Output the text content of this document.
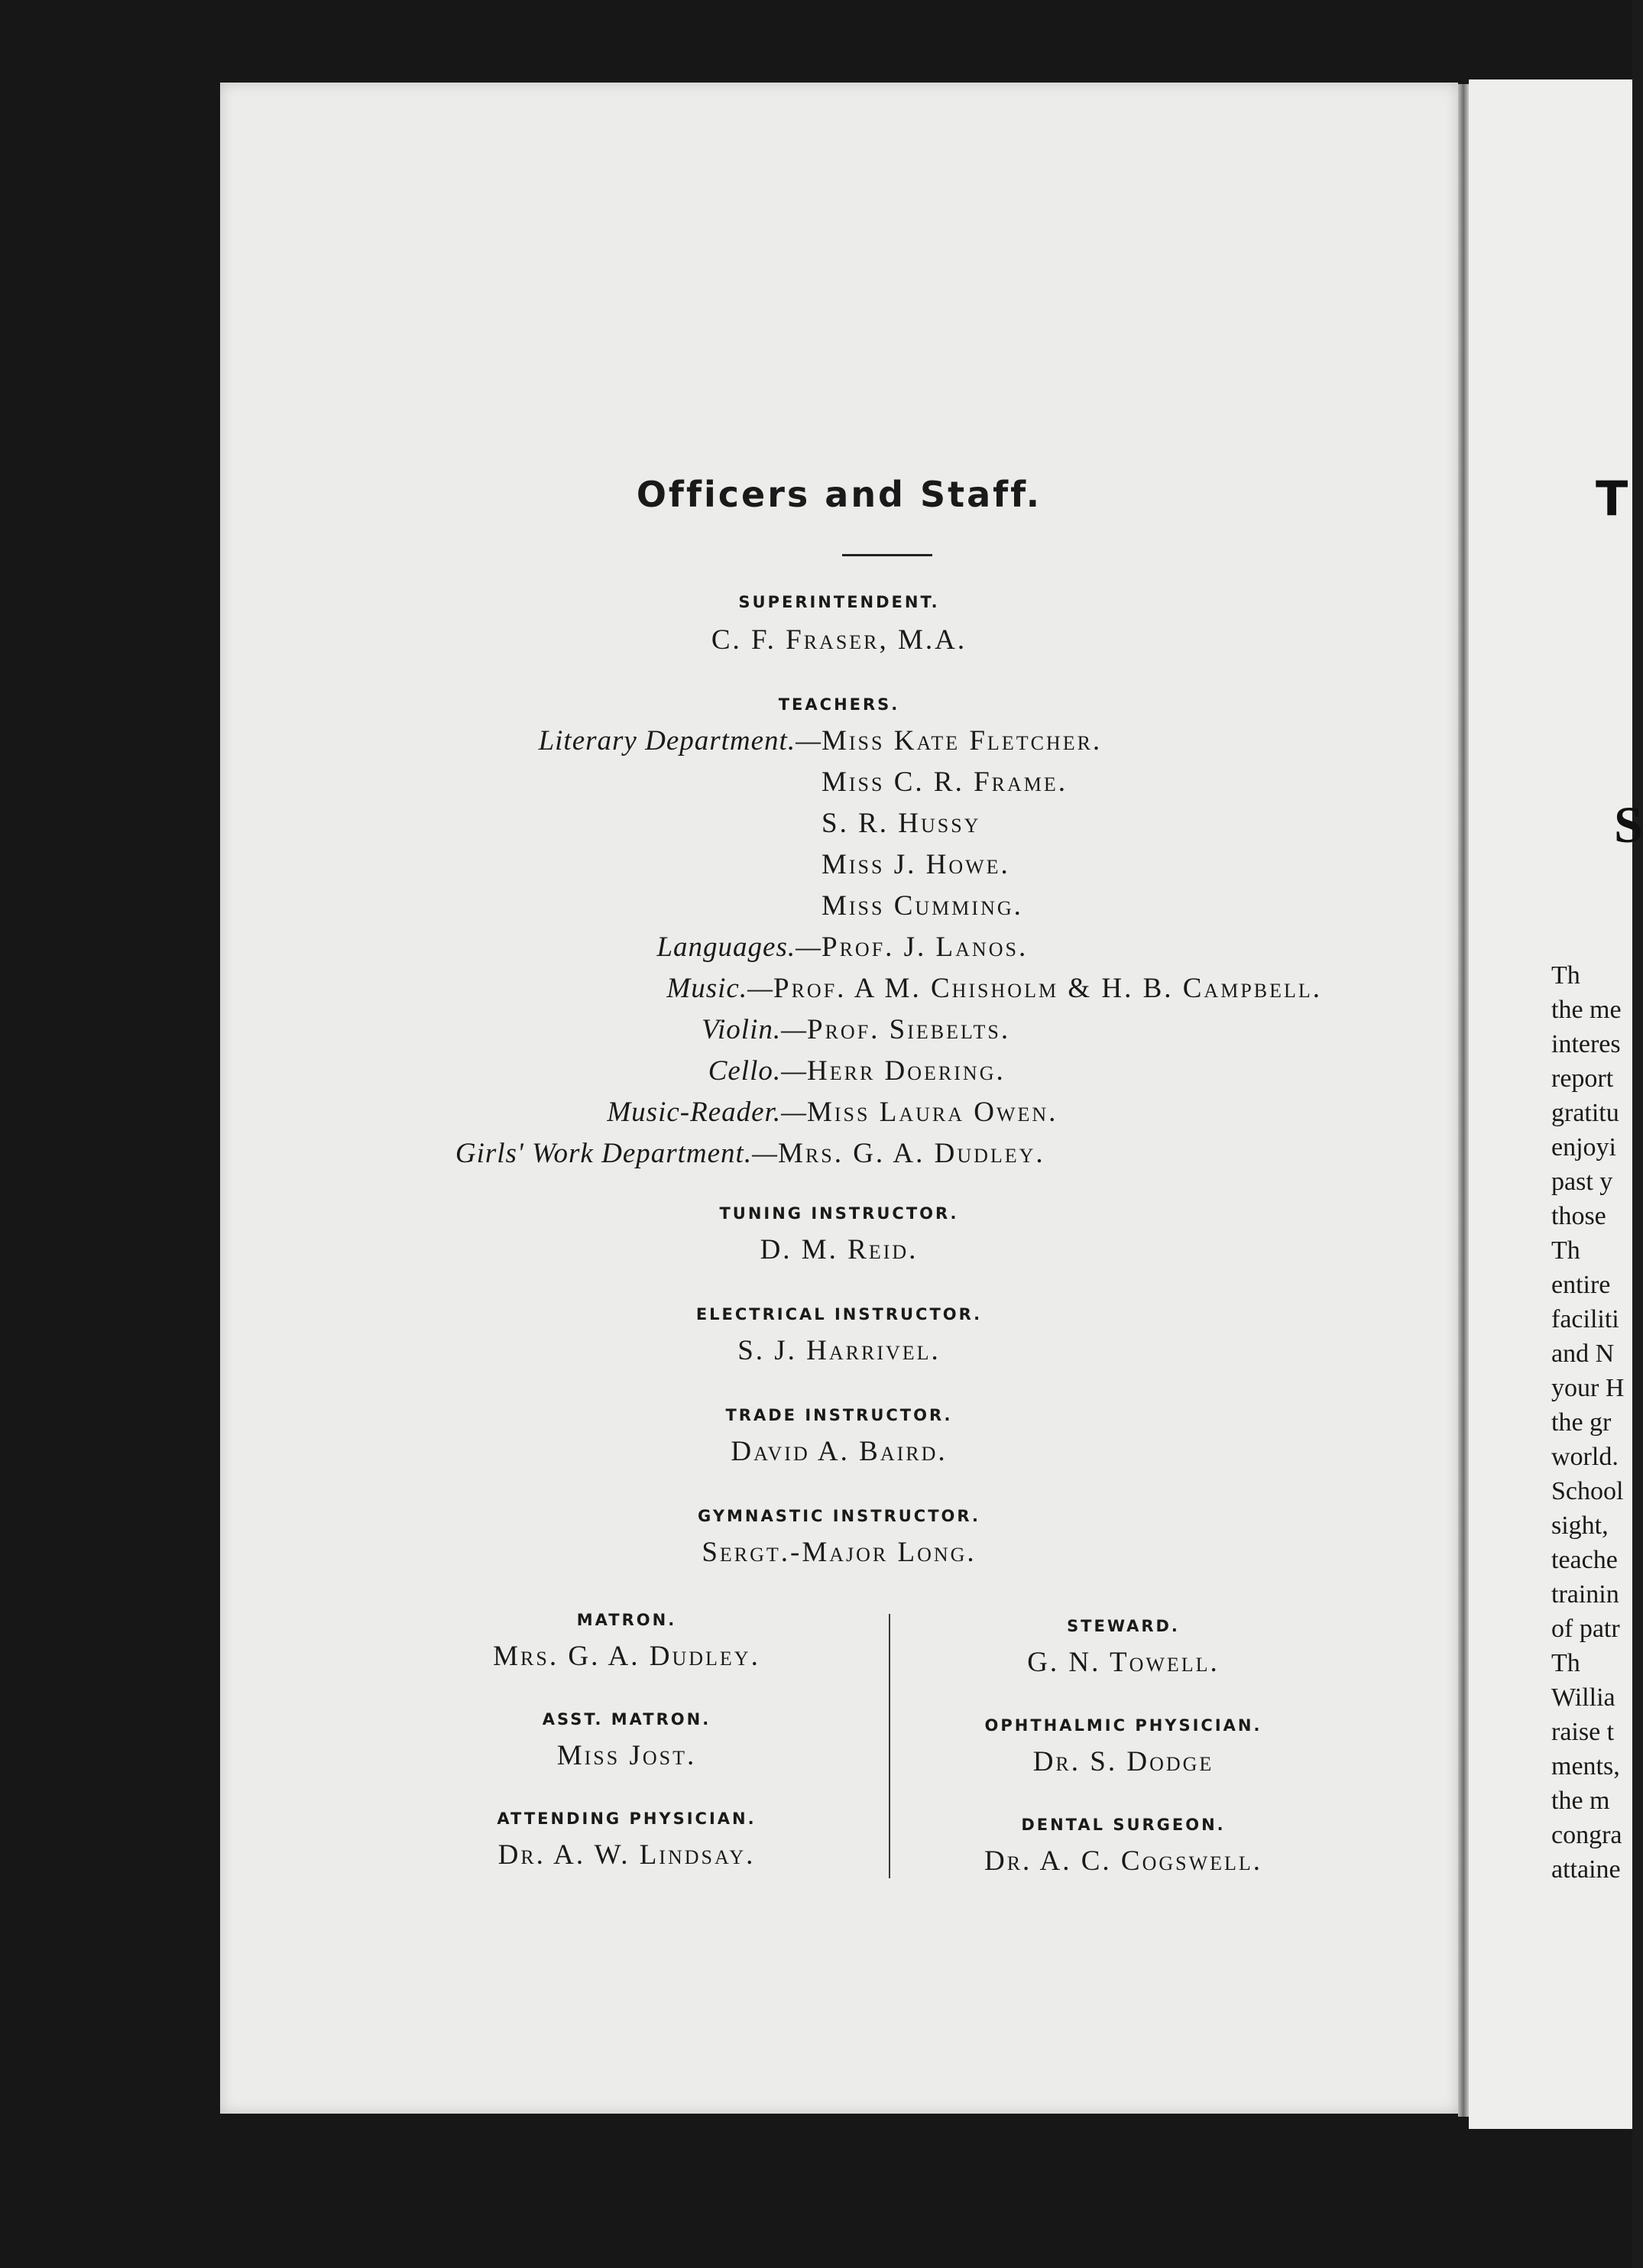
Officers and Staff.
SUPERINTENDENT.
C. F. Fraser, M.A.
TEACHERS.
Literary Department.— Miss Kate Fletcher.
Miss C. R. Frame.
S. R. Hussy
Miss J. Howe.
Miss Cumming.
Languages.— Prof. J. Lanos.
Music.— Prof. A M. Chisholm & H. B. Campbell.
Violin.— Prof. Siebelts.
Cello.— Herr Doering.
Music-Reader.— Miss Laura Owen.
Girls' Work Department.— Mrs. G. A. Dudley.
TUNING INSTRUCTOR.
D. M. Reid.
ELECTRICAL INSTRUCTOR.
S. J. Harrivel.
TRADE INSTRUCTOR.
David A. Baird.
GYMNASTIC INSTRUCTOR.
Sergt.-Major Long.
MATRON.
Mrs. G. A. Dudley.
ASST. MATRON.
Miss Jost.
ATTENDING PHYSICIAN.
Dr. A. W. Lindsay.
STEWARD.
G. N. Towell.
OPHTHALMIC PHYSICIAN.
Dr. S. Dodge
DENTAL SURGEON.
Dr. A. C. Cogswell.
T
S
Th
the me
interes
report
gratitu
enjoyi
past y
those
Th
entire
faciliti
and N
your H
the gr
world.
School
sight,
teache
trainin
of patr
Th
Willia
raise t
ments,
the m
congra
attaine
